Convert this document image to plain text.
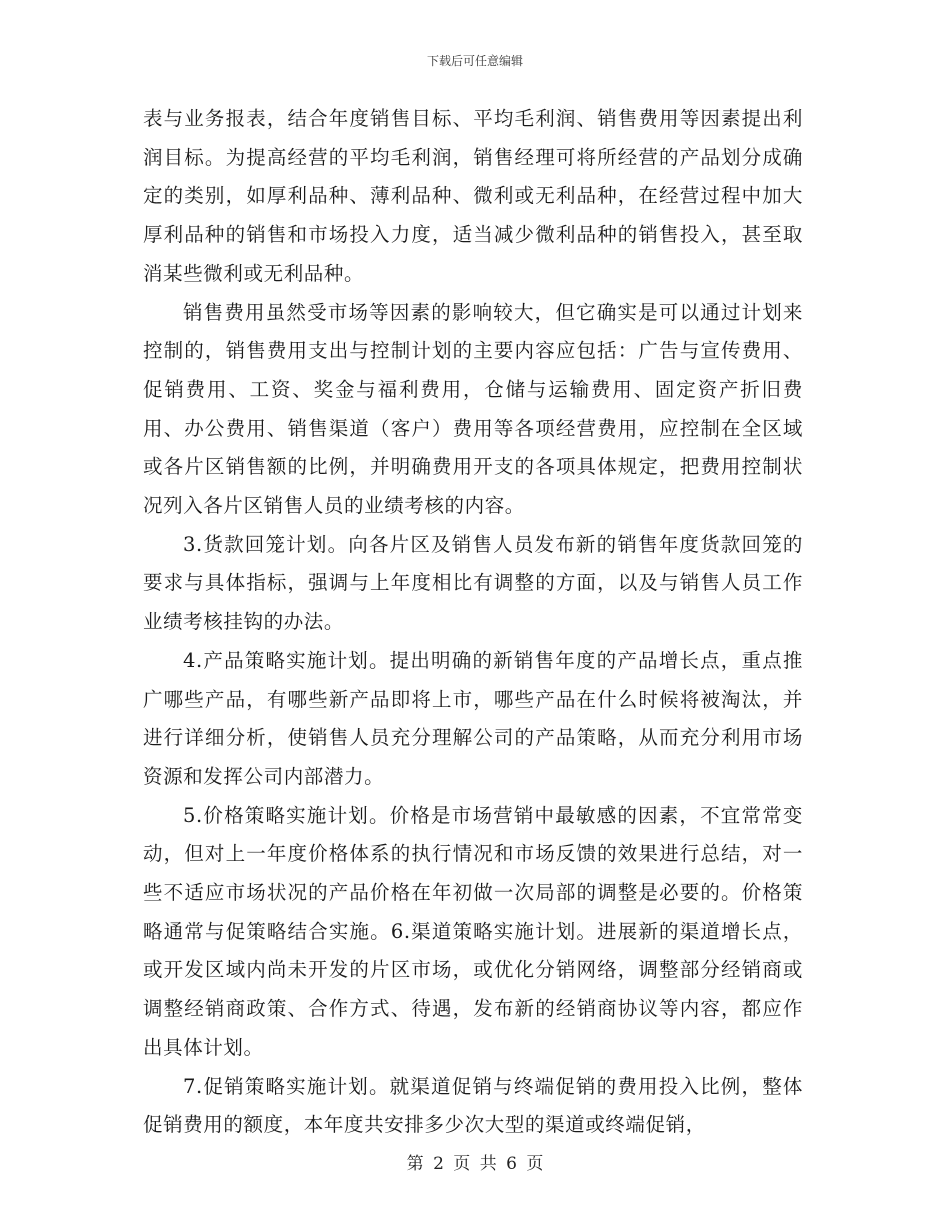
下载后可任意编辑

表与业务报表，结合年度销售目标、平均毛利润、销售费用等因素提出利润目标。为提高经营的平均毛利润，销售经理可将所经营的产品划分成确定的类别，如厚利品种、薄利品种、微利或无利品种，在经营过程中加大厚利品种的销售和市场投入力度，适当减少微利品种的销售投入，甚至取消某些微利或无利品种。

销售费用虽然受市场等因素的影响较大，但它确实是可以通过计划来控制的，销售费用支出与控制计划的主要内容应包括：广告与宣传费用、促销费用、工资、奖金与福利费用，仓储与运输费用、固定资产折旧费用、办公费用、销售渠道（客户）费用等各项经营费用，应控制在全区域或各片区销售额的比例，并明确费用开支的各项具体规定，把费用控制状况列入各片区销售人员的业绩考核的内容。

3.货款回笼计划。向各片区及销售人员发布新的销售年度货款回笼的要求与具体指标，强调与上年度相比有调整的方面，以及与销售人员工作业绩考核挂钩的办法。

4.产品策略实施计划。提出明确的新销售年度的产品增长点，重点推广哪些产品，有哪些新产品即将上市，哪些产品在什么时候将被淘汰，并进行详细分析，使销售人员充分理解公司的产品策略，从而充分利用市场资源和发挥公司内部潜力。

5.价格策略实施计划。价格是市场营销中最敏感的因素，不宜常常变动，但对上一年度价格体系的执行情况和市场反馈的效果进行总结，对一些不适应市场状况的产品价格在年初做一次局部的调整是必要的。价格策略通常与促策略结合实施。6.渠道策略实施计划。进展新的渠道增长点，或开发区域内尚未开发的片区市场，或优化分销网络，调整部分经销商或调整经销商政策、合作方式、待遇，发布新的经销商协议等内容，都应作出具体计划。

7.促销策略实施计划。就渠道促销与终端促销的费用投入比例，整体促销费用的额度，本年度共安排多少次大型的渠道或终端促销，

第 2 页 共 6 页
